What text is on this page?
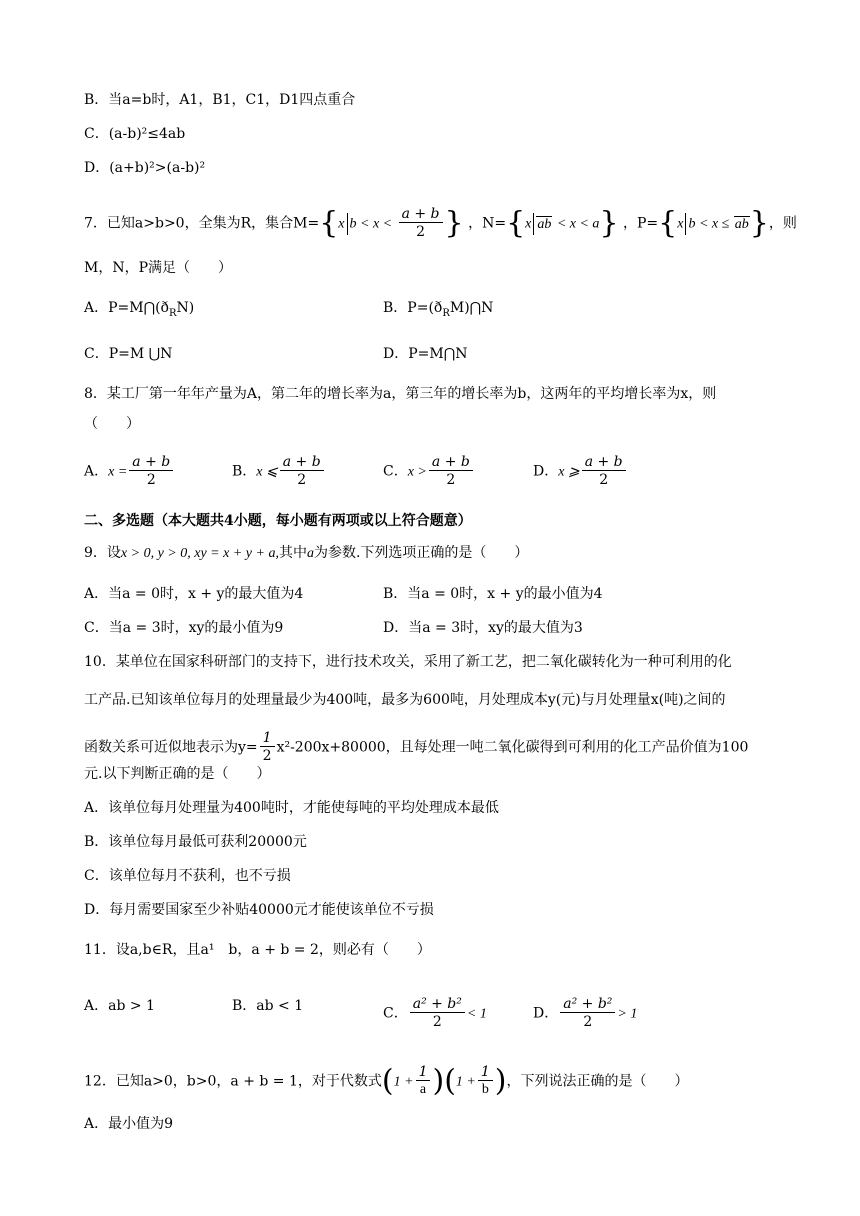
B．当a=b时，A1，B1，C1，D1四点重合
C．(a-b)²≤4ab
D．(a+b)²>(a-b)²
7．已知a>b>0，全集为R，集合M={x $b < x < \frac{a + b}{2}$ } ，N={x ab < x < a} ，P={x b < x ≤ ab}，则
M，N，P满足（　　）
A．$P=M⋂(ð_RN)$	B．$P=(ð_RM)⋂N$
C．P=M ⋃N	D．P=M⋂N
8．某工厂第一年年产量为A，第二年的增长率为a，第三年的增长率为b，这两年的平均增长率为x，则
（　　）
A．$x = \frac{a + b}{2}$	B．x ⩽ $\frac{a + b}{2}$	C．$x > \frac{a + b}{2}$	D．x ⩾ $\frac{a + b}{2}$
二、多选题（本大题共4小题，每小题有两项或以上符合题意）
9．设x > 0, y > 0, xy = x + y + a,其中a为参数.下列选项正确的是（　　）
A．当a = 0时，x + y的最大值为4	B．当a = 0时，x + y的最小值为4
C．当a = 3时，xy的最小值为9	D．当a = 3时，xy的最大值为3
10．某单位在国家科研部门的支持下，进行技术攻关，采用了新工艺，把二氧化碳转化为一种可利用的化
工产品.已知该单位每月的处理量最少为400吨，最多为600吨，月处理成本y(元)与月处理量x(吨)之间的
函数关系可近似地表示为$y= \frac{1}{2} x^2-200x+80000$，且每处理一吨二氧化碳得到可利用的化工产品价值为100
元.以下判断正确的是（　　）
A．该单位每月处理量为400吨时，才能使每吨的平均处理成本最低
B．该单位每月最低可获利20000元
C．该单位每月不获利，也不亏损
D．每月需要国家至少补贴40000元才能使该单位不亏损
11．设a,b∈R，且a¹　b，a + b = 2，则必有（　　）
A．ab > 1	B．ab < 1	C． $\frac{\text{a² + b²}}{2} < 1$	D． $\frac{\text{a² + b²}}{2} > 1$
12．已知a>0，b>0，a + b = 1，对于代数式$(1 + \frac{1}{a} )(1 + \frac{1}{b}$ )，下列说法正确的是（　　）
A．最小值为9
